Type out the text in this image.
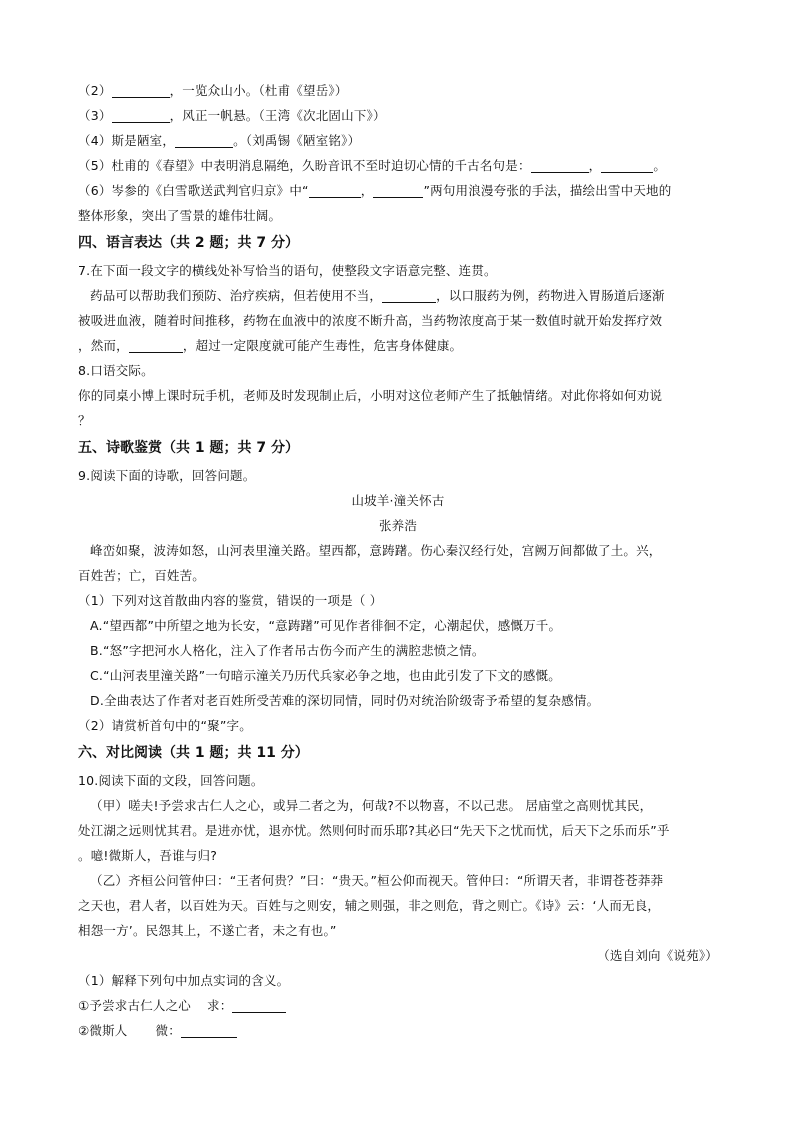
（2）	，一览众山小。（杜甫《望岳》）
（3）	，风正一帆悬。（王湾《次北固山下》）
（4）斯是陋室，	。（刘禹锡《陋室铭》）
（5）杜甫的《春望》中表明消息隔绝，久盼音讯不至时迫切心情的千古名句是：	，	。
（6）岑参的《白雪歌送武判官归京》中“	，	”两句用浪漫夸张的手法，描绘出雪中天地的
整体形象，突出了雪景的雄伟壮阔。
四、语言表达（共 2 题；共 7 分）
7.在下面一段文字的横线处补写恰当的语句，使整段文字语意完整、连贯。
药品可以帮助我们预防、治疗疾病，但若使用不当，	，以口服药为例，药物进入胃肠道后逐渐
被吸进血液，随着时间推移，药物在血液中的浓度不断升高，当药物浓度高于某一数值时就开始发挥疗效
，然而，	，超过一定限度就可能产生毒性，危害身体健康。
8.口语交际。
你的同桌小博上课时玩手机，老师及时发现制止后，小明对这位老师产生了抵触情绪。对此你将如何劝说
？
五、诗歌鉴赏（共 1 题；共 7 分）
9.阅读下面的诗歌，回答问题。
山坡羊·潼关怀古
张养浩
峰峦如聚，波涛如怒，山河表里潼关路。望西都，意踌躇。伤心秦汉经行处，宫阙万间都做了土。兴，
百姓苦；亡，百姓苦。
（1）下列对这首散曲内容的鉴赏，错误的一项是（ ）
A.“望西都”中所望之地为长安，“意踌躇”可见作者徘徊不定，心潮起伏，感慨万千。
B.“怒”字把河水人格化，注入了作者吊古伤今而产生的满腔悲愤之情。
C.“山河表里潼关路”一句暗示潼关乃历代兵家必争之地，也由此引发了下文的感慨。
D.全曲表达了作者对老百姓所受苦难的深切同情，同时仍对统治阶级寄予希望的复杂感情。
（2）请赏析首句中的“聚”字。
六、对比阅读（共 1 题；共 11 分）
10.阅读下面的文段，回答问题。
（甲）嗟夫!予尝求古仁人之心，或异二者之为，何哉?不以物喜，不以己悲。 居庙堂之高则忧其民，
处江湖之远则忧其君。是进亦忧，退亦忧。然则何时而乐耶?其必曰“先天下之忧而忧，后天下之乐而乐”乎
。噫!微斯人，吾谁与归?
（乙）齐桓公问管仲曰：“王者何贵？”曰：“贵天。”桓公仰而视天。管仲曰：“所谓天者，非谓苍苍莽莽
之天也，君人者，以百姓为天。百姓与之则安，辅之则强，非之则危，背之则亡。《诗》云：‘人而无良，
相怨一方’。民怨其上，不遂亡者，未之有也。”
（选自刘向《说苑》）
（1）解释下列句中加点实词的含义。
①予尝求古仁人之心 求：
②微斯人 微：
